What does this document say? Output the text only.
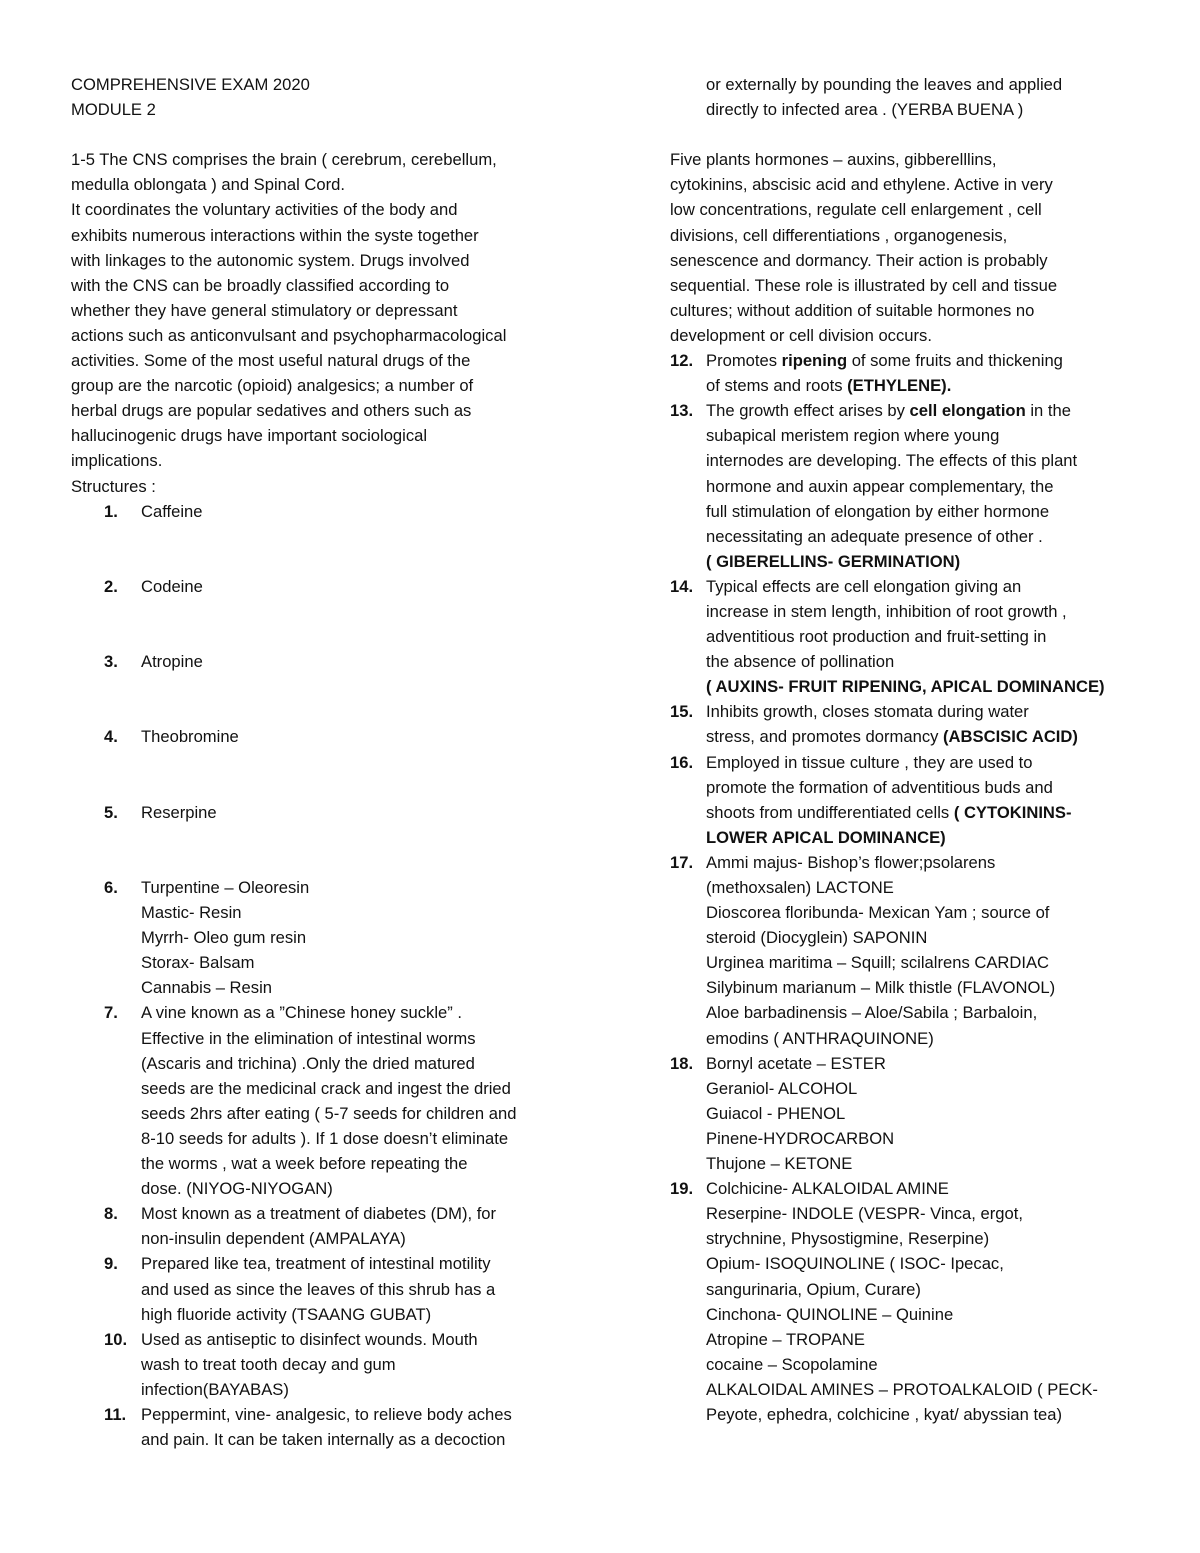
COMPREHENSIVE EXAM 2020

MODULE 2

1-5 The CNS comprises the brain ( cerebrum, cerebellum,
medulla oblongata ) and Spinal Cord.
It coordinates the voluntary activities of the body and
exhibits numerous interactions within the syste together
with linkages to the autonomic system. Drugs involved
with the CNS can be broadly classified according to
whether they have general stimulatory or depressant
actions such as anticonvulsant and psychopharmacological
activities. Some of the most useful natural drugs of the
group are the narcotic (opioid) analgesics; a number of
herbal drugs are popular sedatives and others such as
hallucinogenic drugs have important sociological
implications.

Structures :

1. Caffeine
2. Codeine
3. Atropine
4. Theobromine
5. Reserpine
6. Turpentine – Oleoresin
Mastic- Resin
Myrrh- Oleo gum resin
Storax- Balsam
Cannabis – Resin
7. A vine known as a ”Chinese honey suckle” .
Effective in the elimination of intestinal worms
(Ascaris and trichina) .Only the dried matured
seeds are the medicinal crack and ingest the dried
seeds 2hrs after eating ( 5-7 seeds for children and
8-10 seeds for adults ). If 1 dose doesn’t eliminate
the worms , wat a week before repeating the
dose. (NIYOG-NIYOGAN)
8. Most known as a treatment of diabetes (DM), for
non-insulin dependent (AMPALAYA)
9. Prepared like tea, treatment of intestinal motility
and used as since the leaves of this shrub has a
high fluoride activity (TSAANG GUBAT)
10. Used as antiseptic to disinfect wounds. Mouth
wash to treat tooth decay and gum
infection(BAYABAS)
11. Peppermint, vine- analgesic, to relieve body aches
and pain. It can be taken internally as a decoction
or externally by pounding the leaves and applied
directly to infected area . (YERBA BUENA )
Five plants hormones – auxins, gibberelllins,
cytokinins, abscisic acid and ethylene. Active in very
low concentrations, regulate cell enlargement , cell
divisions, cell differentiations , organogenesis,
senescence and dormancy. Their action is probably
sequential. These role is illustrated by cell and tissue
cultures; without addition of suitable hormones no
development or cell division occurs.
12. Promotes ripening of some fruits and thickening
of stems and roots (ETHYLENE).
13. The growth effect arises by cell elongation in the
subapical meristem region where young
internodes are developing. The effects of this plant
hormone and auxin appear complementary, the
full stimulation of elongation by either hormone
necessitating an adequate presence of other .
( GIBERELLINS- GERMINATION)
14. Typical effects are cell elongation giving an
increase in stem length, inhibition of root growth ,
adventitious root production and fruit-setting in
the absence of pollination
( AUXINS- FRUIT RIPENING, APICAL DOMINANCE)
15. Inhibits growth, closes stomata during water
stress, and promotes dormancy (ABSCISIC ACID)
16. Employed in tissue culture , they are used to
promote the formation of adventitious buds and
shoots from undifferentiated cells ( CYTOKININS-
LOWER APICAL DOMINANCE)
17. Ammi majus- Bishop’s flower;psolarens
(methoxsalen) LACTONE
Dioscorea floribunda- Mexican Yam ; source of
steroid (Diocyglein) SAPONIN
Urginea maritima – Squill; scilalrens CARDIAC
Silybinum marianum – Milk thistle (FLAVONOL)
Aloe barbadinensis – Aloe/Sabila ; Barbaloin,
emodins ( ANTHRAQUINONE)
18. Bornyl acetate – ESTER
Geraniol- ALCOHOL
Guiacol - PHENOL
Pinene-HYDROCARBON
Thujone – KETONE
19. Colchicine- ALKALOIDAL AMINE
Reserpine- INDOLE (VESPR- Vinca, ergot,
strychnine, Physostigmine, Reserpine)
Opium- ISOQUINOLINE ( ISOC- Ipecac,
sangurinaria, Opium, Curare)
Cinchona- QUINOLINE – Quinine
Atropine – TROPANE
cocaine – Scopolamine
ALKALOIDAL AMINES – PROTOALKALOID ( PECK-
Peyote, ephedra, colchicine , kyat/ abyssian tea)
